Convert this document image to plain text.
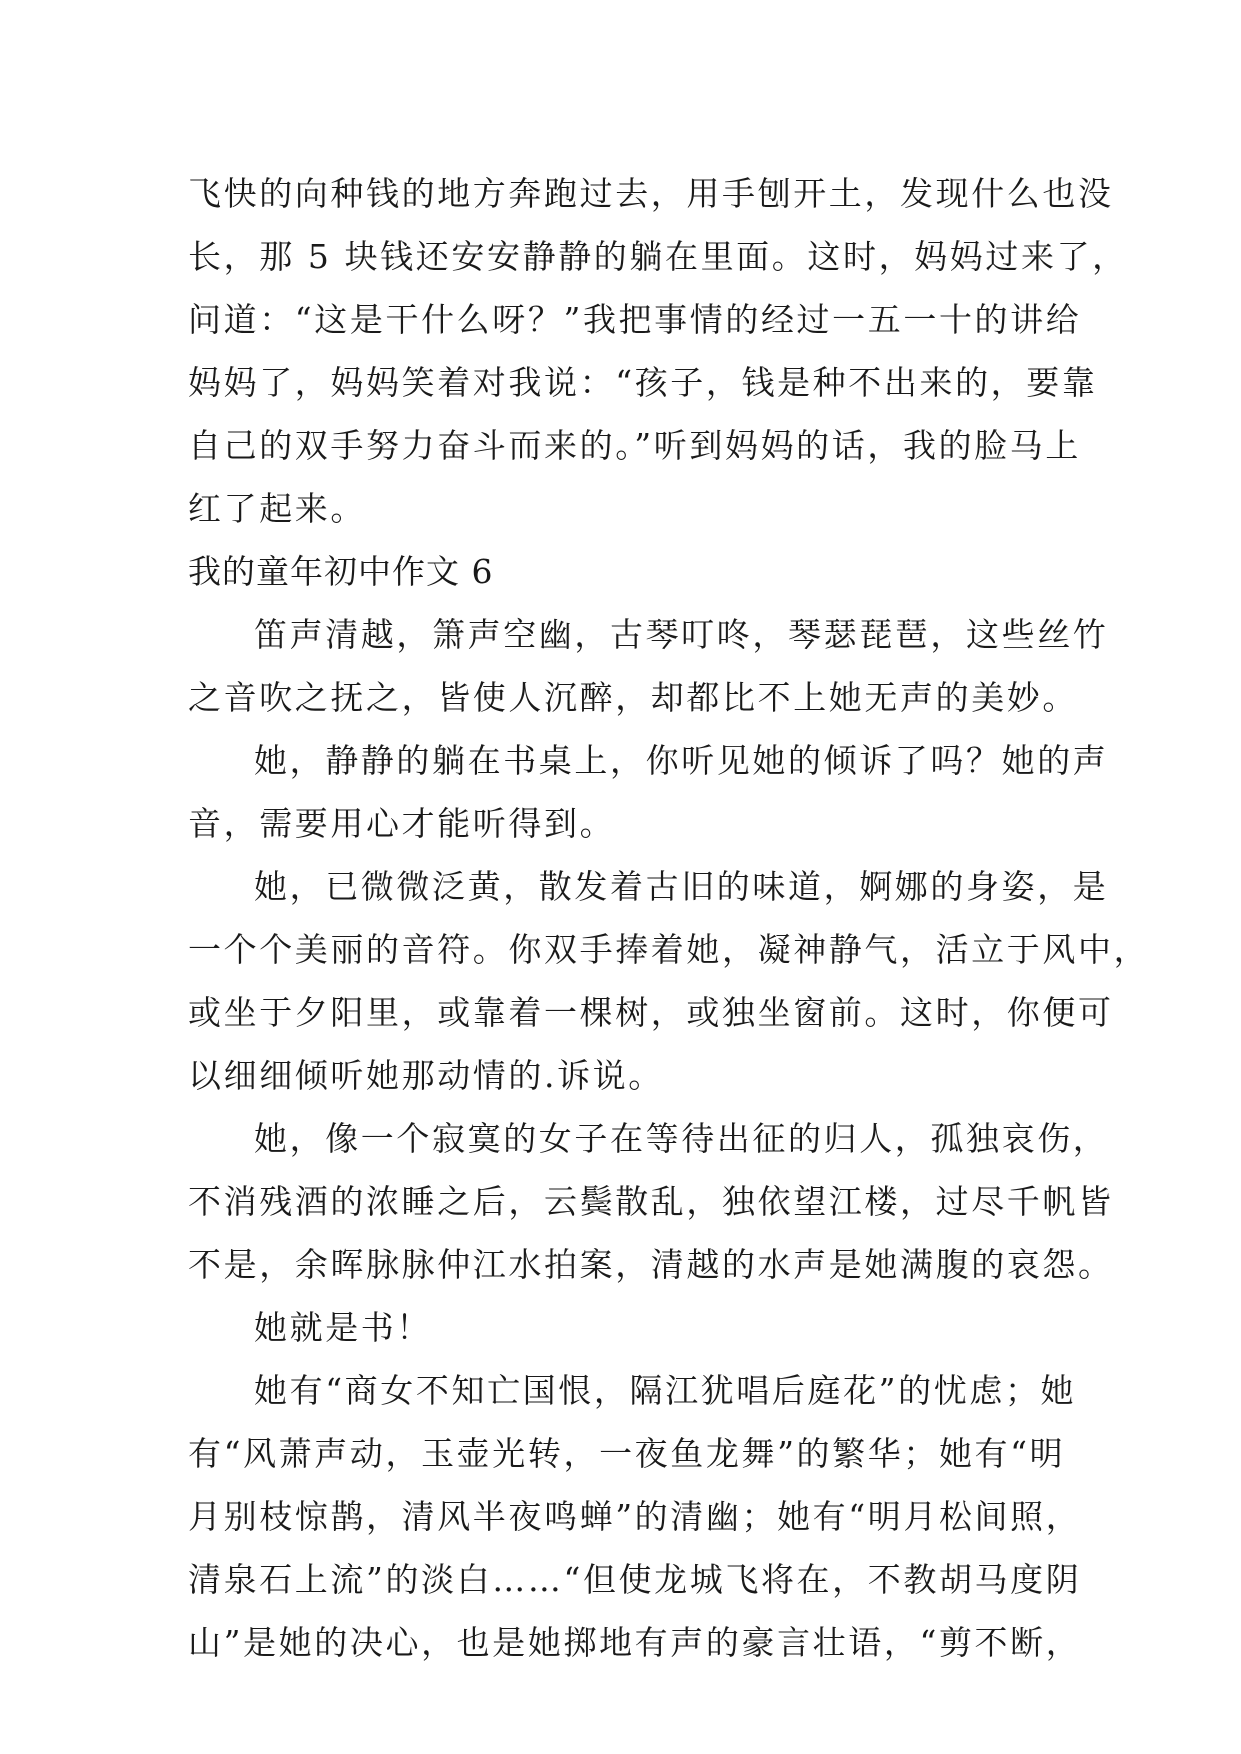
飞快的向种钱的地方奔跑过去，用手刨开土，发现什么也没
长，那 5 块钱还安安静静的躺在里面。这时，妈妈过来了，
问道：“这是干什么呀？”我把事情的经过一五一十的讲给
妈妈了，妈妈笑着对我说：“孩子，钱是种不出来的，要靠
自己的双手努力奋斗而来的。”听到妈妈的话，我的脸马上
红了起来。
我的童年初中作文 6
笛声清越，箫声空幽，古琴叮咚，琴瑟琵琶，这些丝竹
之音吹之抚之，皆使人沉醉，却都比不上她无声的美妙。
她，静静的躺在书桌上，你听见她的倾诉了吗？她的声
音，需要用心才能听得到。
她，已微微泛黄，散发着古旧的味道，婀娜的身姿，是
一个个美丽的音符。你双手捧着她，凝神静气，活立于风中，
或坐于夕阳里，或靠着一棵树，或独坐窗前。这时，你便可
以细细倾听她那动情的.诉说。
她，像一个寂寞的女子在等待出征的归人，孤独哀伤，
不消残酒的浓睡之后，云鬓散乱，独依望江楼，过尽千帆皆
不是，余晖脉脉仲江水拍案，清越的水声是她满腹的哀怨。
她就是书！
她有“商女不知亡国恨，隔江犹唱后庭花”的忧虑；她
有“风萧声动，玉壶光转，一夜鱼龙舞”的繁华；她有“明
月别枝惊鹊，清风半夜鸣蝉”的清幽；她有“明月松间照，
清泉石上流”的淡白……“但使龙城飞将在，不教胡马度阴
山”是她的决心，也是她掷地有声的豪言壮语，“剪不断，
